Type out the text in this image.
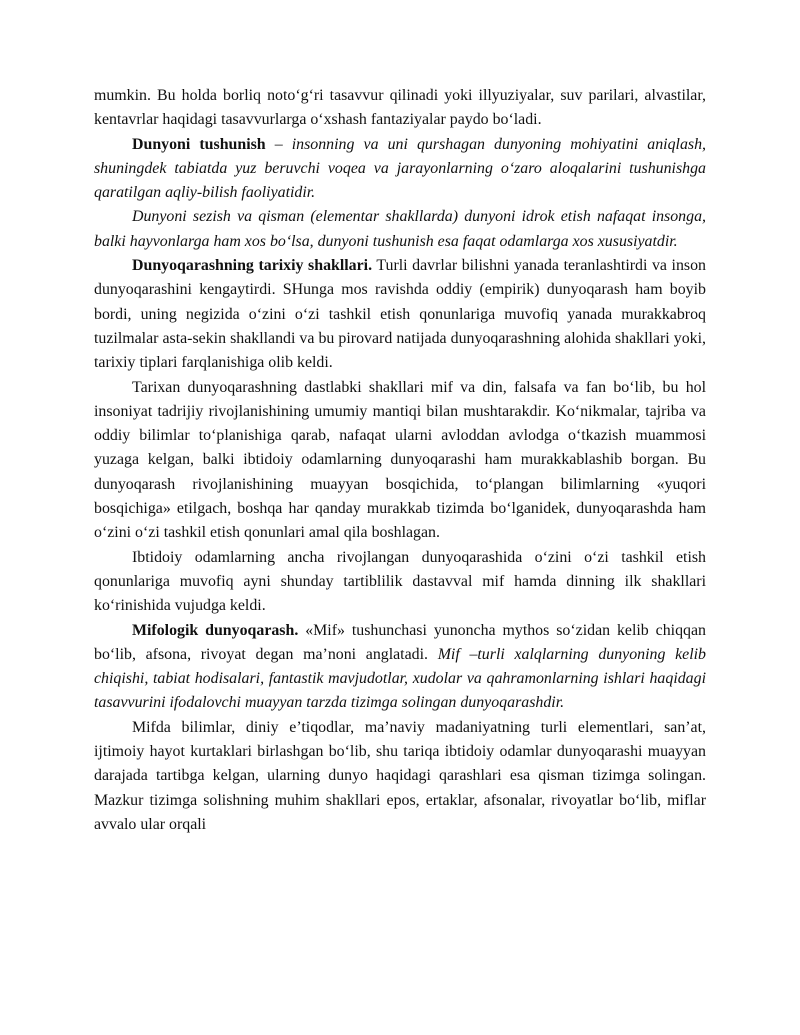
mumkin. Bu holda borliq noto‘g‘ri tasavvur qilinadi yoki illyuziyalar, suv parilari, alvastilar, kentavrlar haqidagi tasavvurlarga o‘xshash fantaziyalar paydo bo‘ladi.

Dunyoni tushunish – insonning va uni qurshagan dunyoning mohiyatini aniqlash, shuningdek tabiatda yuz beruvchi voqea va jarayonlarning o‘zaro aloqalarini tushunishga qaratilgan aqliy-bilish faoliyatidir.

Dunyoni sezish va qisman (elementar shakllarda) dunyoni idrok etish nafaqat insonga, balki hayvonlarga ham xos bo‘lsa, dunyoni tushunish esa faqat odamlarga xos xususiyatdir.

Dunyoqarashning tarixiy shakllari. Turli davrlar bilishni yanada teranlashtirdi va inson dunyoqarashini kengaytirdi. SHunga mos ravishda oddiy (empirik) dunyoqarash ham boyib bordi, uning negizida o‘zini o‘zi tashkil etish qonunlariga muvofiq yanada murakkabroq tuzilmalar asta-sekin shakllandi va bu pirovard natijada dunyoqarashning alohida shakllari yoki, tarixiy tiplari farqlanishiga olib keldi.

Tarixan dunyoqarashning dastlabki shakllari mif va din, falsafa va fan bo‘lib, bu hol insoniyat tadrijiy rivojlanishining umumiy mantiqi bilan mushtarakdir. Ko‘nikmalar, tajriba va oddiy bilimlar to‘planishiga qarab, nafaqat ularni avloddan avlodga o‘tkazish muammosi yuzaga kelgan, balki ibtidoiy odamlarning dunyoqarashi ham murakkablashib borgan. Bu dunyoqarash rivojlanishining muayyan bosqichida, to‘plangan bilimlarning «yuqori bosqichiga» etilgach, boshqa har qanday murakkab tizimda bo‘lganidek, dunyoqarashda ham o‘zini o‘zi tashkil etish qonunlari amal qila boshlagan.

Ibtidoiy odamlarning ancha rivojlangan dunyoqarashida o‘zini o‘zi tashkil etish qonunlariga muvofiq ayni shunday tartiblilik dastavval mif hamda dinning ilk shakllari ko‘rinishida vujudga keldi.

Mifologik dunyoqarash. «Mif» tushunchasi yunoncha mythos so‘zidan kelib chiqqan bo‘lib, afsona, rivoyat degan ma’noni anglatadi. Mif –turli xalqlarning dunyoning kelib chiqishi, tabiat hodisalari, fantastik mavjudotlar, xudolar va qahramonlarning ishlari haqidagi tasavvurini ifodalovchi muayyan tarzda tizimga solingan dunyoqarashdir.

Mifda bilimlar, diniy e’tiqodlar, ma’naviy madaniyatning turli elementlari, san’at, ijtimoiy hayot kurtaklari birlashgan bo‘lib, shu tariqa ibtidoiy odamlar dunyoqarashi muayyan darajada tartibga kelgan, ularning dunyo haqidagi qarashlari esa qisman tizimga solingan. Mazkur tizimga solishning muhim shakllari epos, ertaklar, afsonalar, rivoyatlar bo‘lib, miflar avvalo ular orqali
